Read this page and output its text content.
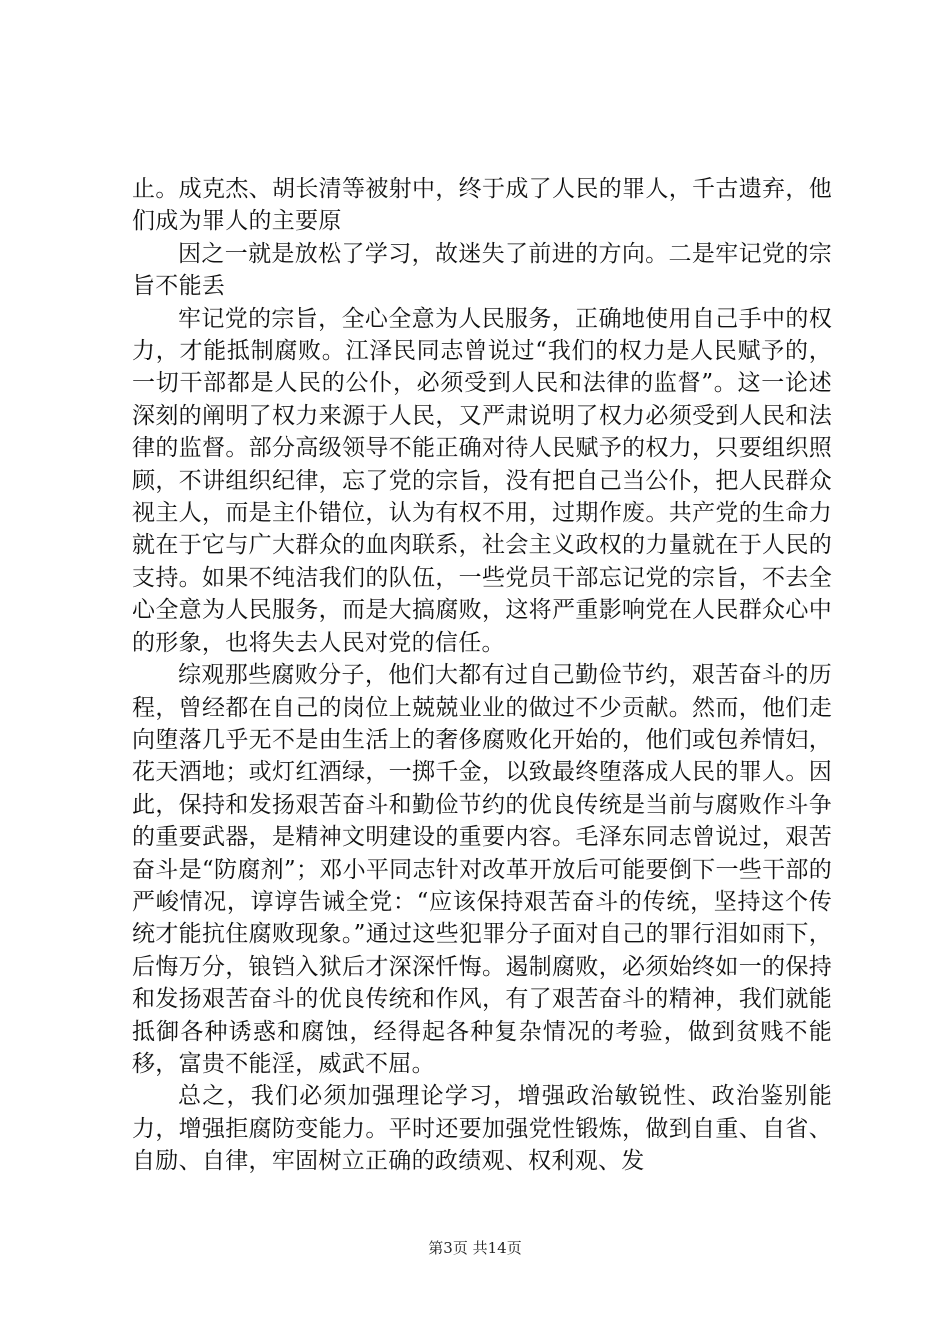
止。成克杰、胡长清等被射中，终于成了人民的罪人，千古遗弃，他们成为罪人的主要原

因之一就是放松了学习，故迷失了前进的方向。二是牢记党的宗旨不能丢

牢记党的宗旨，全心全意为人民服务，正确地使用自己手中的权力，才能抵制腐败。江泽民同志曾说过“我们的权力是人民赋予的，一切干部都是人民的公仆，必须受到人民和法律的监督”。这一论述深刻的阐明了权力来源于人民，又严肃说明了权力必须受到人民和法律的监督。部分高级领导不能正确对待人民赋予的权力，只要组织照顾，不讲组织纪律，忘了党的宗旨，没有把自己当公仆，把人民群众视主人，而是主仆错位，认为有权不用，过期作废。共产党的生命力就在于它与广大群众的血肉联系，社会主义政权的力量就在于人民的支持。如果不纯洁我们的队伍，一些党员干部忘记党的宗旨，不去全心全意为人民服务，而是大搞腐败，这将严重影响党在人民群众心中的形象，也将失去人民对党的信任。

综观那些腐败分子，他们大都有过自己勤俭节约，艰苦奋斗的历程，曾经都在自己的岗位上兢兢业业的做过不少贡献。然而，他们走向堕落几乎无不是由生活上的奢侈腐败化开始的，他们或包养情妇，花天酒地；或灯红酒绿，一掷千金，以致最终堕落成人民的罪人。因此，保持和发扬艰苦奋斗和勤俭节约的优良传统是当前与腐败作斗争的重要武器，是精神文明建设的重要内容。毛泽东同志曾说过，艰苦奋斗是“防腐剂”；邓小平同志针对改革开放后可能要倒下一些干部的严峻情况，谆谆告诫全党：“应该保持艰苦奋斗的传统，坚持这个传统才能抗住腐败现象。”通过这些犯罪分子面对自己的罪行泪如雨下，后悔万分，锒铛入狱后才深深忏悔。遏制腐败，必须始终如一的保持和发扬艰苦奋斗的优良传统和作风，有了艰苦奋斗的精神，我们就能抵御各种诱惑和腐蚀，经得起各种复杂情况的考验，做到贫贱不能移，富贵不能淫，威武不屈。

总之，我们必须加强理论学习，增强政治敏锐性、政治鉴别能力，增强拒腐防变能力。平时还要加强党性锻炼，做到自重、自省、自励、自律，牢固树立正确的政绩观、权利观、发

第3页 共14页
